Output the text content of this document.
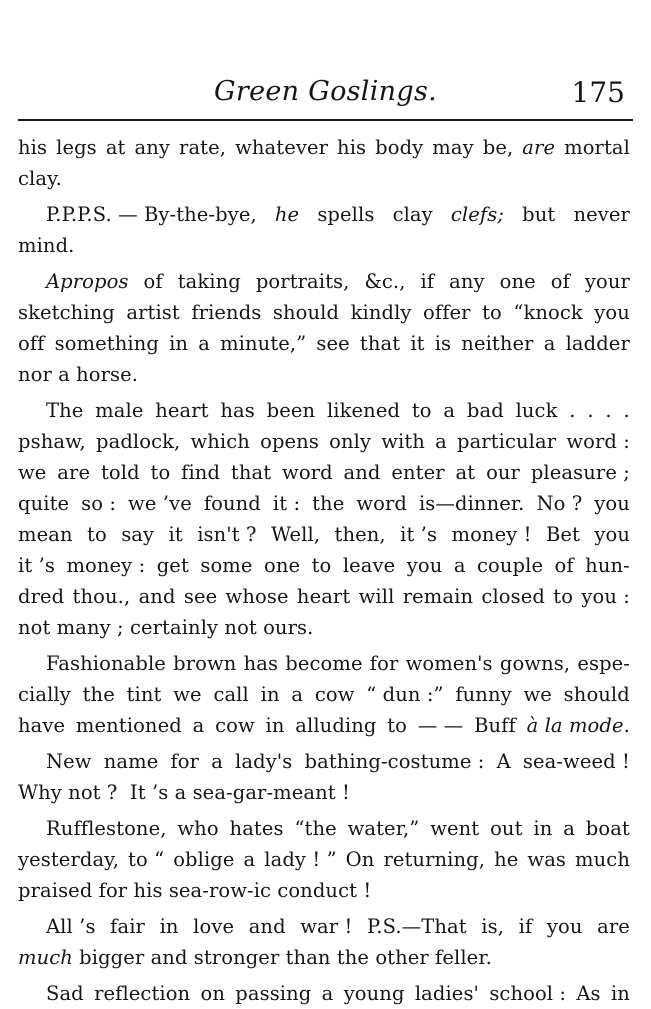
Green Goslings.	175
his legs at any rate, whatever his body may be, are mortal
clay.
P.P.P.S. — By-the-bye, he spells clay clefs; but never
mind.
Apropos of taking portraits, &c., if any one of your
sketching artist friends should kindly offer to “knock you
off something in a minute,” see that it is neither a ladder
nor a horse.
The male heart has been likened to a bad luck . . . .
pshaw, padlock, which opens only with a particular word :
we are told to find that word and enter at our pleasure ;
quite so : we ’ve found it : the word is—dinner. No ? you
mean to say it isn't ? Well, then, it ’s money ! Bet you
it ’s money : get some one to leave you a couple of hun-
dred thou., and see whose heart will remain closed to you :
not many ; certainly not ours.
Fashionable brown has become for women's gowns, espe-
cially the tint we call in a cow “ dun :” funny we should
have mentioned a cow in alluding to — — Buff à la mode.
New name for a lady's bathing-costume : A sea-weed !
Why not ? It ’s a sea-gar-meant !
Rufflestone, who hates “the water,” went out in a boat
yesterday, to “ oblige a lady ! ” On returning, he was much
praised for his sea-row-ic conduct !
All ’s fair in love and war ! P.S.—That is, if you are
much bigger and stronger than the other feller.
Sad reflection on passing a young ladies' school : As in
